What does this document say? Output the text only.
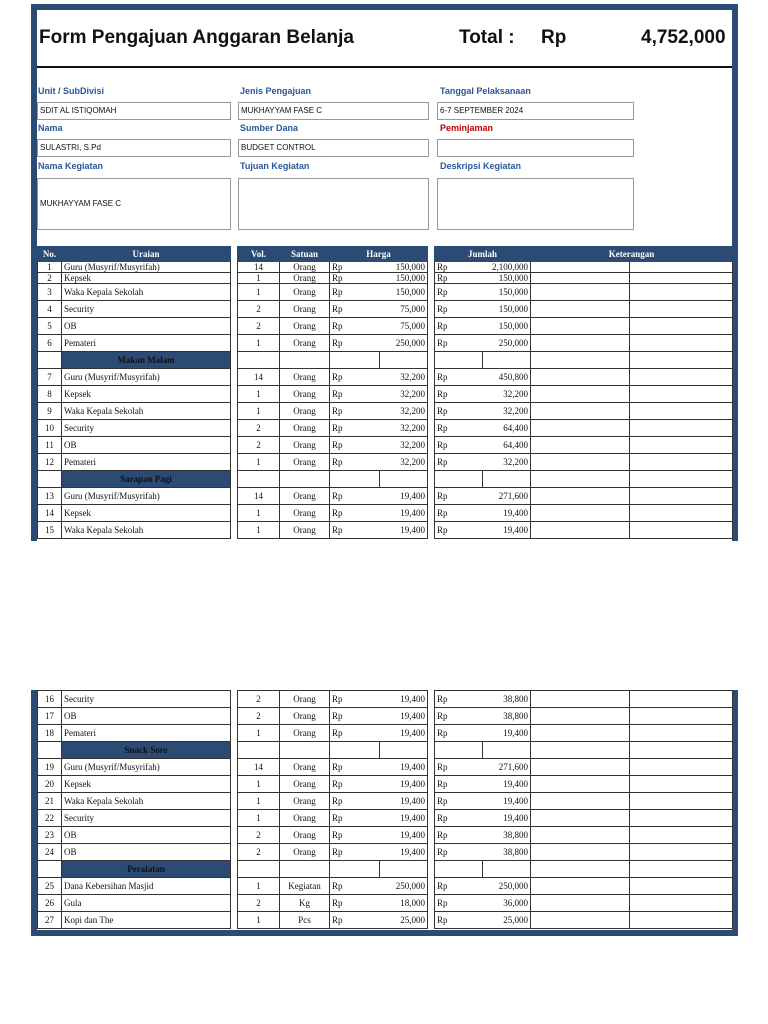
Form Pengajuan Anggaran Belanja	Total : Rp	4,752,000
Unit / SubDivisi
SDIT AL ISTIQOMAH
Jenis Pengajuan
MUKHAYYAM FASE C
Tanggal Pelaksanaan
6-7 SEPTEMBER 2024
Nama
SULASTRI, S.Pd
Sumber Dana
BUDGET CONTROL
Peminjaman
Nama Kegiatan
MUKHAYYAM FASE C
Tujuan Kegiatan	Deskripsi Kegiatan
No.	Uraian		Vol.	Satuan	Harga			Jumlah		Keterangan	
1	Guru (Musyrif/Musyrifah)		14	Orang	Rp	150,000		Rp	2,100,000		
2	Kepsek		1	Orang	Rp	150,000		Rp	150,000		
3	Waka Kepala Sekolah		1	Orang	Rp	150,000		Rp	150,000		
4	Security		2	Orang	Rp	75,000		Rp	150,000		
5	OB		2	Orang	Rp	75,000		Rp	150,000		
6	Pemateri		1	Orang	Rp	250,000		Rp	250,000		
	Makan Malam										
7	Guru (Musyrif/Musyrifah)		14	Orang	Rp	32,200		Rp	450,800		
8	Kepsek		1	Orang	Rp	32,200		Rp	32,200		
9	Waka Kepala Sekolah		1	Orang	Rp	32,200		Rp	32,200		
10	Security		2	Orang	Rp	32,200		Rp	64,400		
11	OB		2	Orang	Rp	32,200		Rp	64,400		
12	Pemateri		1	Orang	Rp	32,200		Rp	32,200		
	Sarapan Pagi										
13	Guru (Musyrif/Musyrifah)		14	Orang	Rp	19,400		Rp	271,600		
14	Kepsek		1	Orang	Rp	19,400		Rp	19,400		
15	Waka Kepala Sekolah		1	Orang	Rp	19,400		Rp	19,400		
16	Security		2	Orang	Rp	19,400		Rp	38,800		
17	OB		2	Orang	Rp	19,400		Rp	38,800		
18	Pemateri		1	Orang	Rp	19,400		Rp	19,400		
	Snack Sore										
19	Guru (Musyrif/Musyrifah)		14	Orang	Rp	19,400		Rp	271,600		
20	Kepsek		1	Orang	Rp	19,400		Rp	19,400		
21	Waka Kepala Sekolah		1	Orang	Rp	19,400		Rp	19,400		
22	Security		1	Orang	Rp	19,400		Rp	19,400		
23	OB		2	Orang	Rp	19,400		Rp	38,800		
24	OB		2	Orang	Rp	19,400		Rp	38,800		
	Peralatan										
25	Dana Kebersihan Masjid		1	Kegiatan	Rp	250,000		Rp	250,000		
26	Gula		2	Kg	Rp	18,000		Rp	36,000		
27	Kopi dan The		1	Pcs	Rp	25,000		Rp	25,000		
